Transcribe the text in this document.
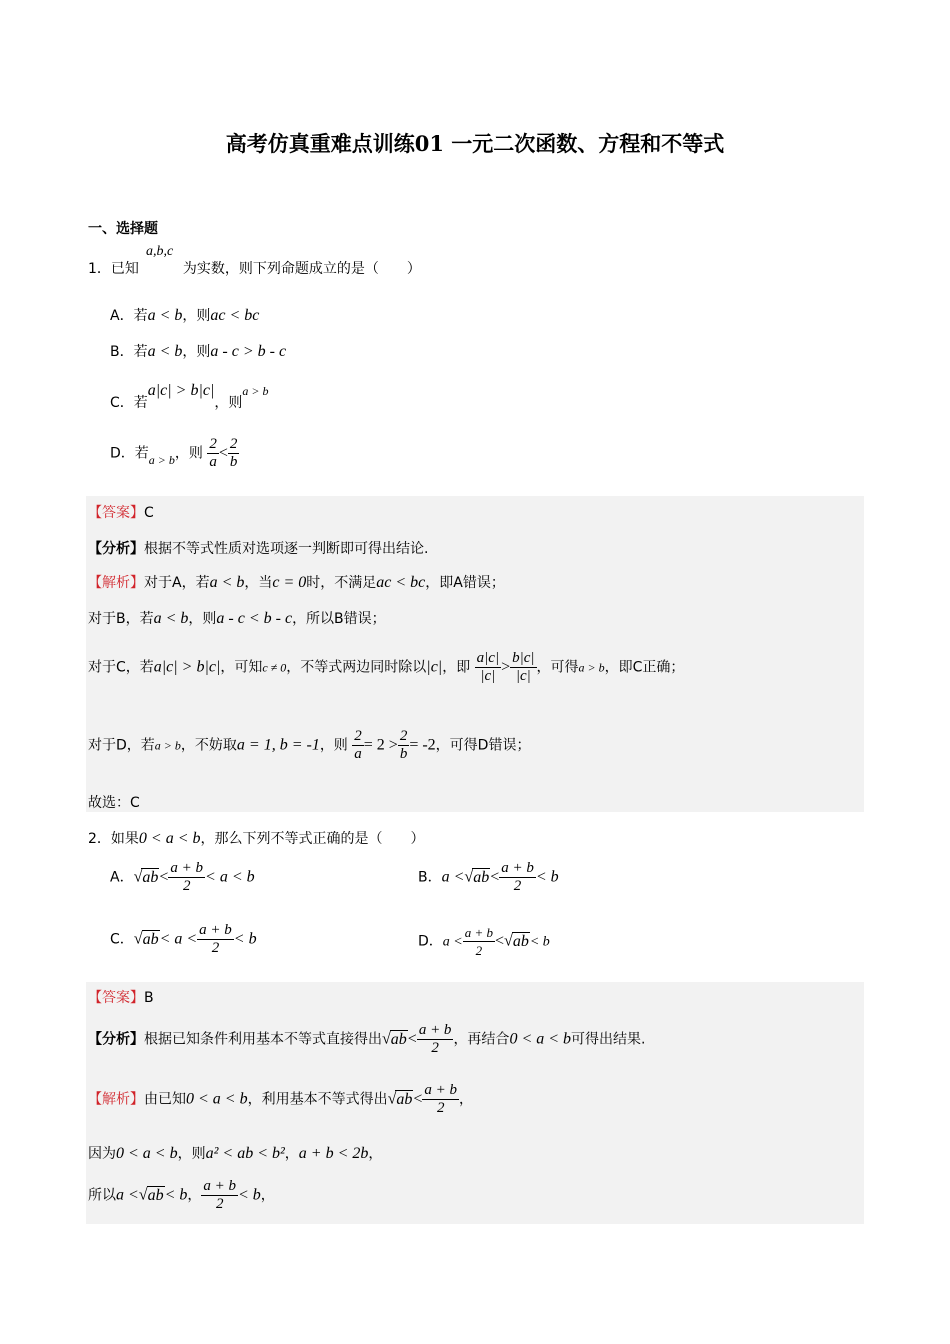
高考仿真重难点训练01 一元二次函数、方程和不等式
一、选择题
a,b,c
1．已知	为实数，则下列命题成立的是（　　）
A．若a < b，则ac < bc
B．若a < b，则a - c > b - c
C．若a|c| > b|c|，则a > b
D．若a > b，则 $\frac{2}{a} < \frac{2}{b}$
【答案】C
【分析】根据不等式性质对选项逐一判断即可得出结论.
【解析】对于A，若a < b，当c = 0时，不满足ac < bc，即A错误；
对于B，若a < b，则a - c < b - c，所以B错误；
对于C，若a|c| > b|c|，可知c ≠ 0，不等式两边同时除以|c|，即 $\frac{a|c|}{|c|} > \frac{b|c|}{|c|}$ ，可得a > b，即C正确；
对于D，若a > b，不妨取a = 1, b = -1，则 $\frac{2}{a} = 2 > \frac{2}{b} = -2$，可得D错误；
故选：C
2．如果0 < a < b，那么下列不等式正确的是（　　）
A．$√ab< \frac{a + b}{2} < a < b$	B．$a <√ab< \frac{a + b}{2} < b$
C．$√ab< a < \frac{a + b}{2} < b$	D．$a < \frac{a + b}{2} <√ab< b$
【答案】B
【分析】根据已知条件利用基本不等式直接得出$√ab< \frac{a + b}{2}$ ，再结合0 < a < b可得出结果.
【解析】由已知0 < a < b，利用基本不等式得出$√ab< \frac{a + b}{2}$ ，
因为0 < a < b，则a² < ab < b²，a + b < 2b，
所以a <√ab< b， $\frac{a + b}{2} < b$，
